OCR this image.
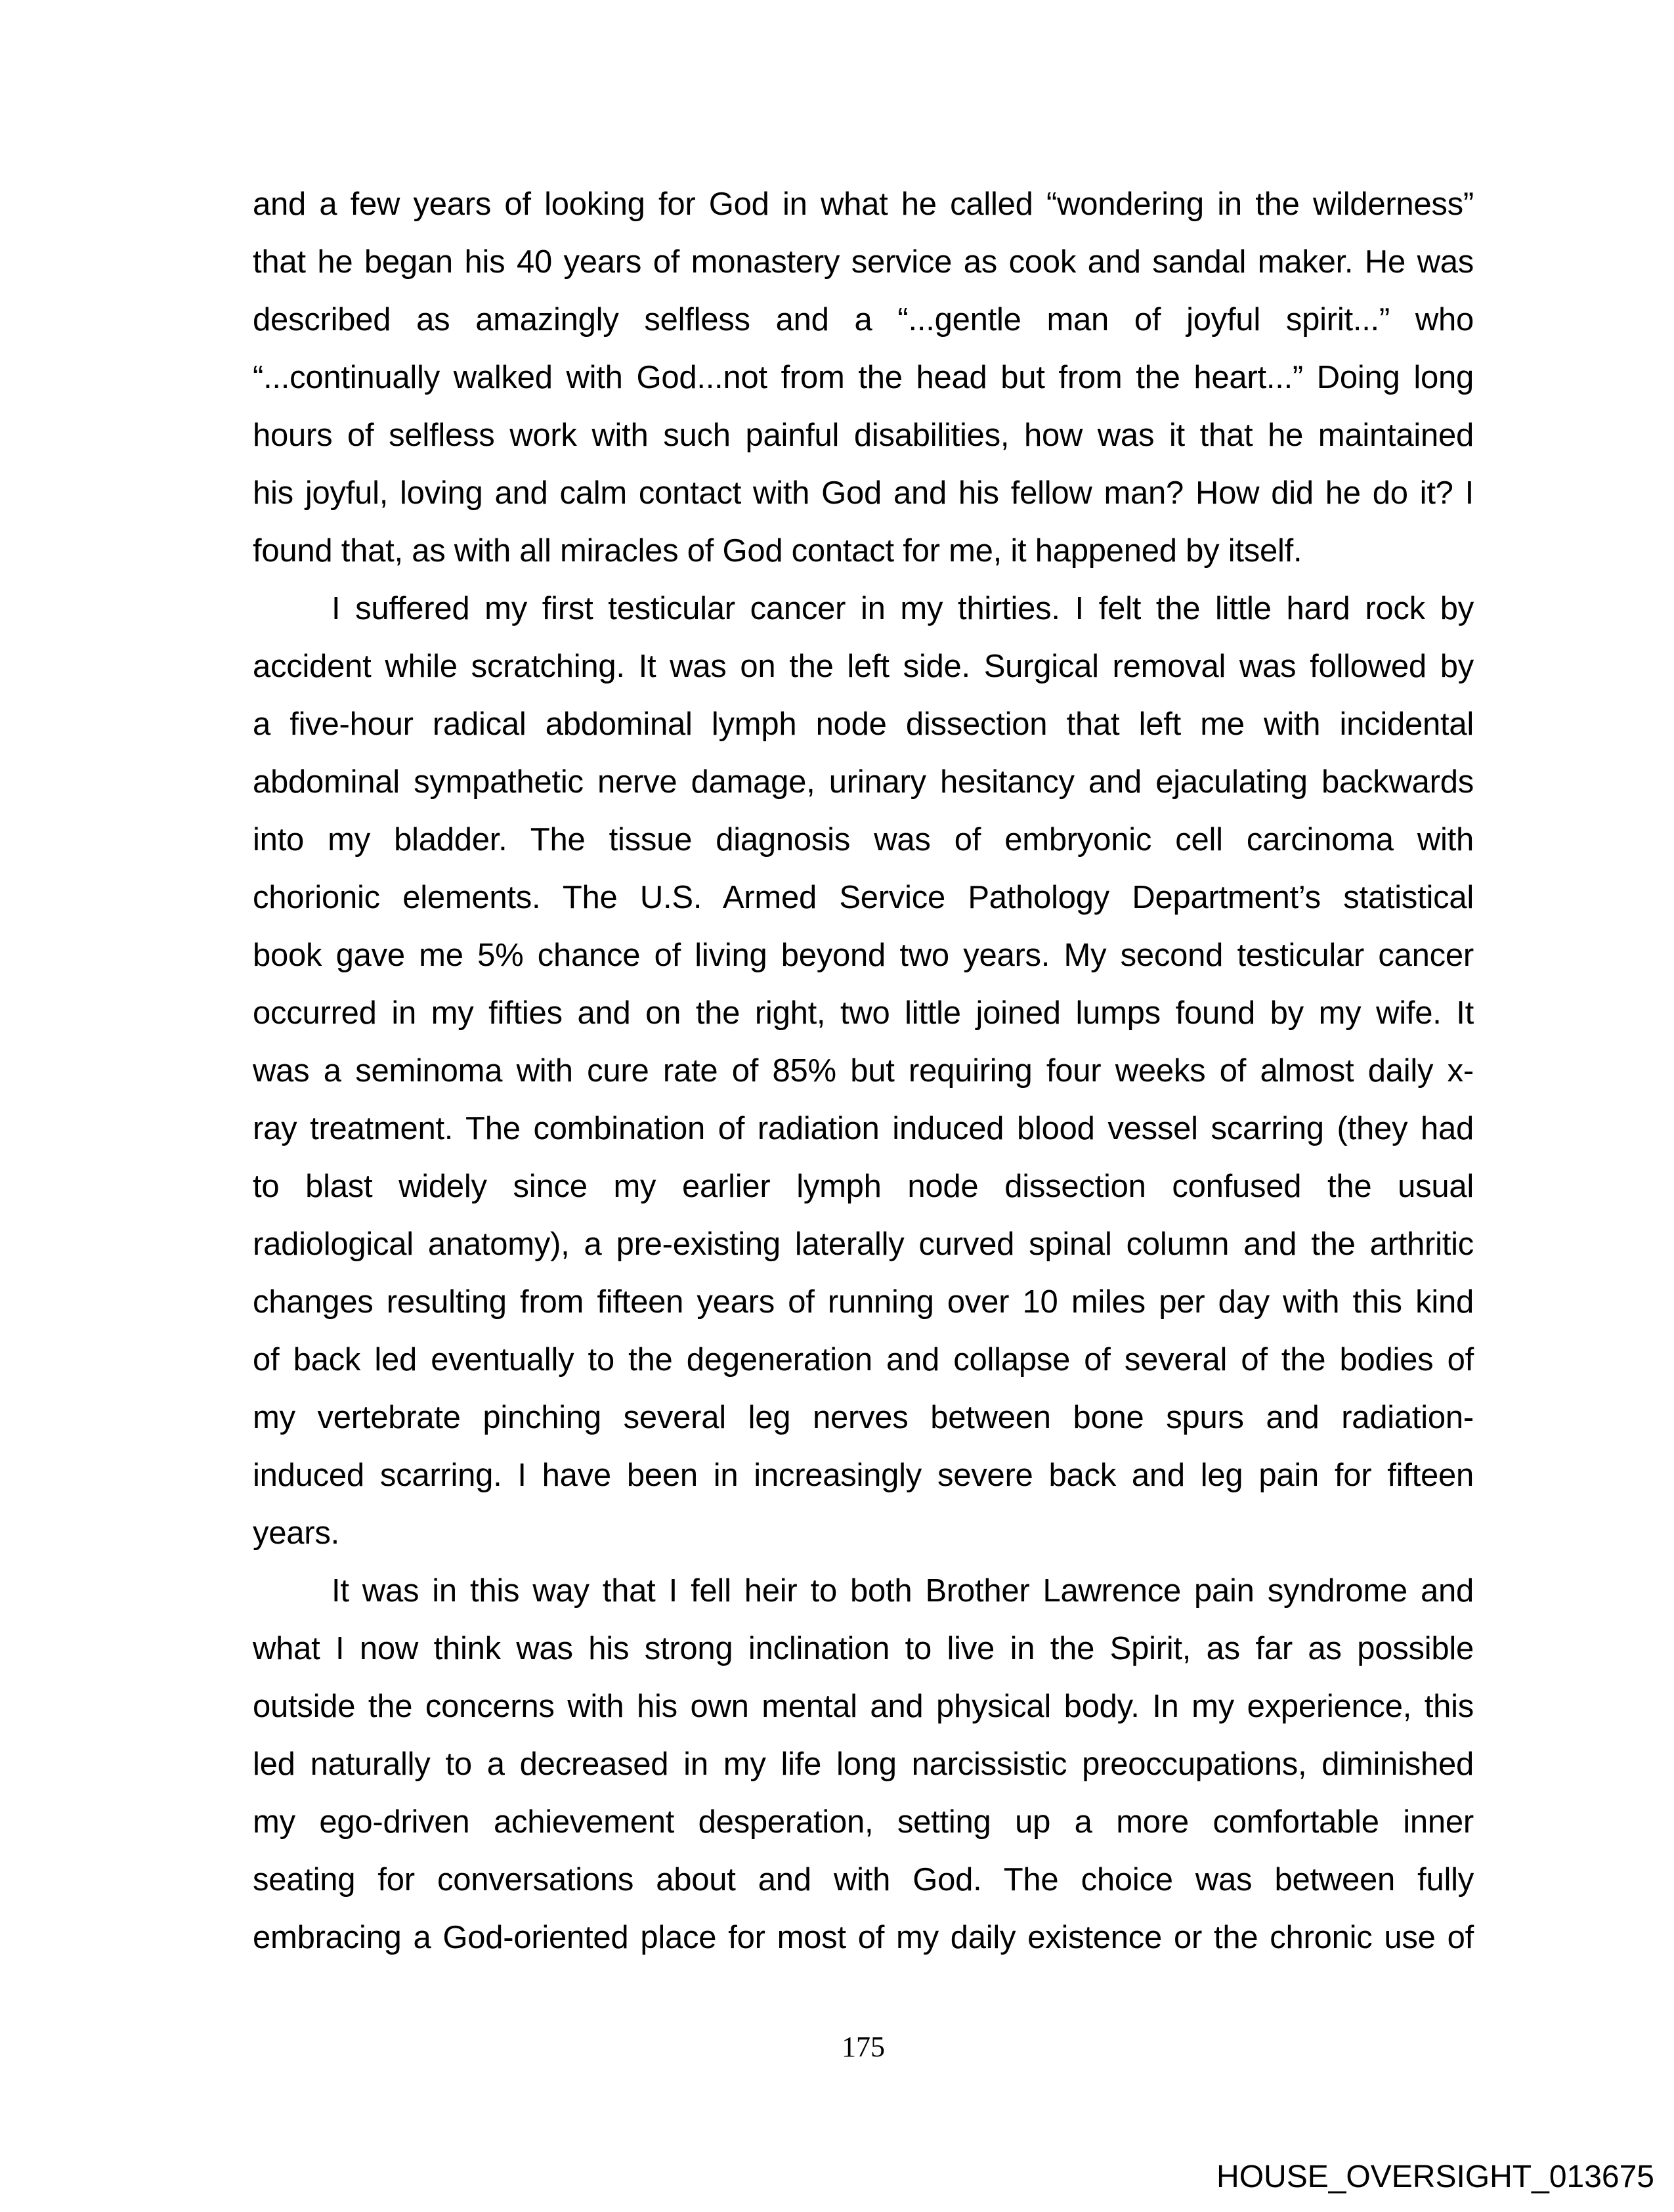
and a few years of looking for God in what he called “wondering in the wilderness”
that he began his 40 years of monastery service as cook and sandal maker. He was
described as amazingly selfless and a “...gentle man of joyful spirit...” who
“...continually walked with God...not from the head but from the heart...” Doing long
hours of selfless work with such painful disabilities, how was it that he maintained
his joyful, loving and calm contact with God and his fellow man? How did he do it? I
found that, as with all miracles of God contact for me, it happened by itself.
I suffered my first testicular cancer in my thirties. I felt the little hard rock by
accident while scratching. It was on the left side. Surgical removal was followed by
a five-hour radical abdominal lymph node dissection that left me with incidental
abdominal sympathetic nerve damage, urinary hesitancy and ejaculating backwards
into my bladder. The tissue diagnosis was of embryonic cell carcinoma with
chorionic elements. The U.S. Armed Service Pathology Department’s statistical
book gave me 5% chance of living beyond two years. My second testicular cancer
occurred in my fifties and on the right, two little joined lumps found by my wife. It
was a seminoma with cure rate of 85% but requiring four weeks of almost daily x-
ray treatment. The combination of radiation induced blood vessel scarring (they had
to blast widely since my earlier lymph node dissection confused the usual
radiological anatomy), a pre-existing laterally curved spinal column and the arthritic
changes resulting from fifteen years of running over 10 miles per day with this kind
of back led eventually to the degeneration and collapse of several of the bodies of
my vertebrate pinching several leg nerves between bone spurs and radiation-
induced scarring. I have been in increasingly severe back and leg pain for fifteen
years.
It was in this way that I fell heir to both Brother Lawrence pain syndrome and
what I now think was his strong inclination to live in the Spirit, as far as possible
outside the concerns with his own mental and physical body. In my experience, this
led naturally to a decreased in my life long narcissistic preoccupations, diminished
my ego-driven achievement desperation, setting up a more comfortable inner
seating for conversations about and with God. The choice was between fully
embracing a God-oriented place for most of my daily existence or the chronic use of
175
HOUSE_OVERSIGHT_013675
